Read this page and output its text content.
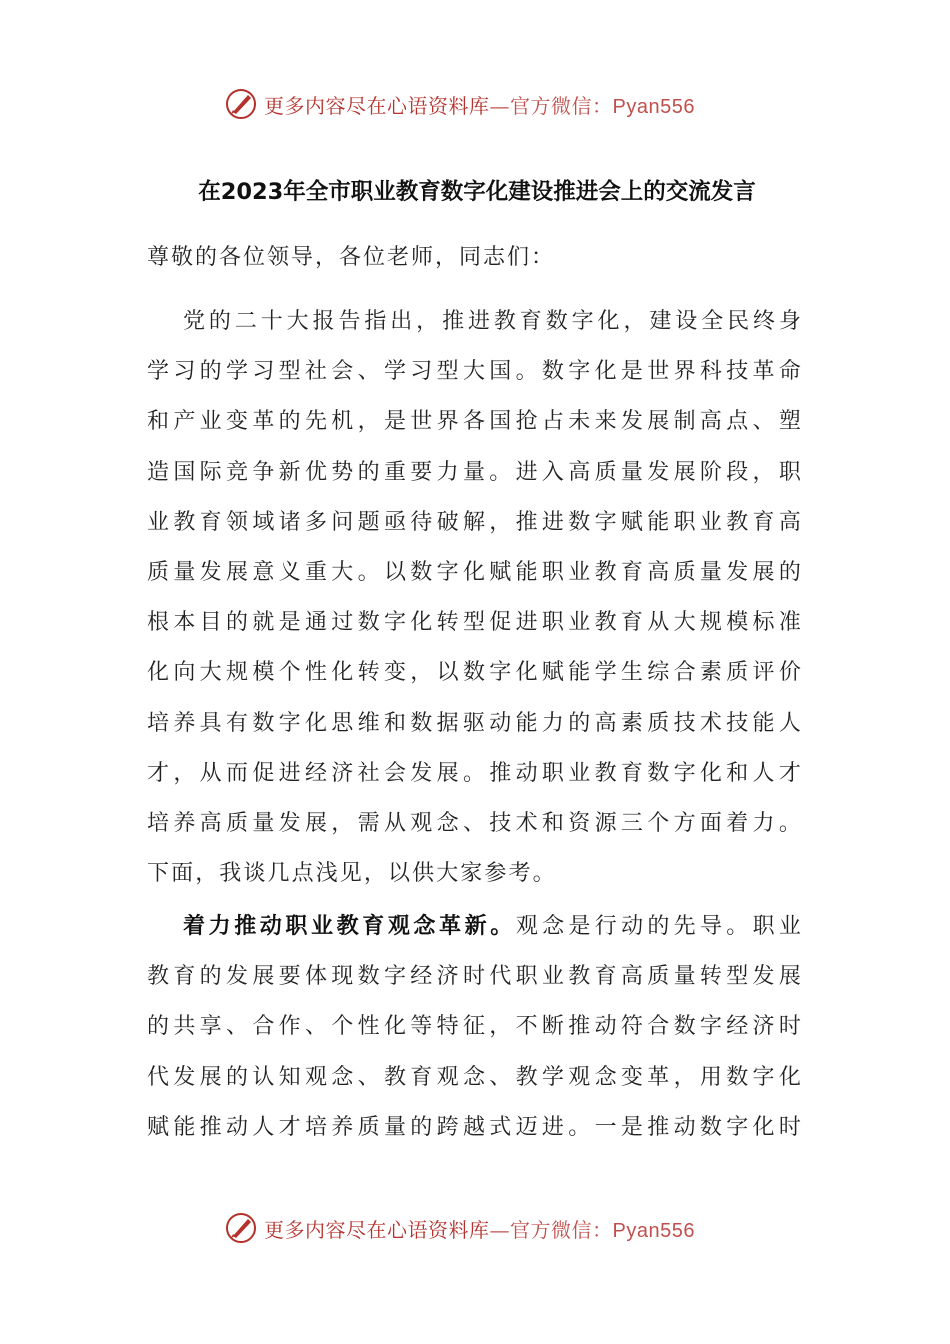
更多内容尽在心语资料库—官方微信：Pyan556
在2023年全市职业教育数字化建设推进会上的交流发言
尊敬的各位领导，各位老师，同志们：
党的二十大报告指出，推进教育数字化，建设全民终身
学习的学习型社会、学习型大国。数字化是世界科技革命
和产业变革的先机，是世界各国抢占未来发展制高点、塑
造国际竞争新优势的重要力量。进入高质量发展阶段，职
业教育领域诸多问题亟待破解，推进数字赋能职业教育高
质量发展意义重大。以数字化赋能职业教育高质量发展的
根本目的就是通过数字化转型促进职业教育从大规模标准
化向大规模个性化转变，以数字化赋能学生综合素质评价
培养具有数字化思维和数据驱动能力的高素质技术技能人
才，从而促进经济社会发展。推动职业教育数字化和人才
培养高质量发展，需从观念、技术和资源三个方面着力。
下面，我谈几点浅见，以供大家参考。
着力推动职业教育观念革新。观念是行动的先导。职业
教育的发展要体现数字经济时代职业教育高质量转型发展
的共享、合作、个性化等特征，不断推动符合数字经济时
代发展的认知观念、教育观念、教学观念变革，用数字化
赋能推动人才培养质量的跨越式迈进。一是推动数字化时
更多内容尽在心语资料库—官方微信：Pyan556
